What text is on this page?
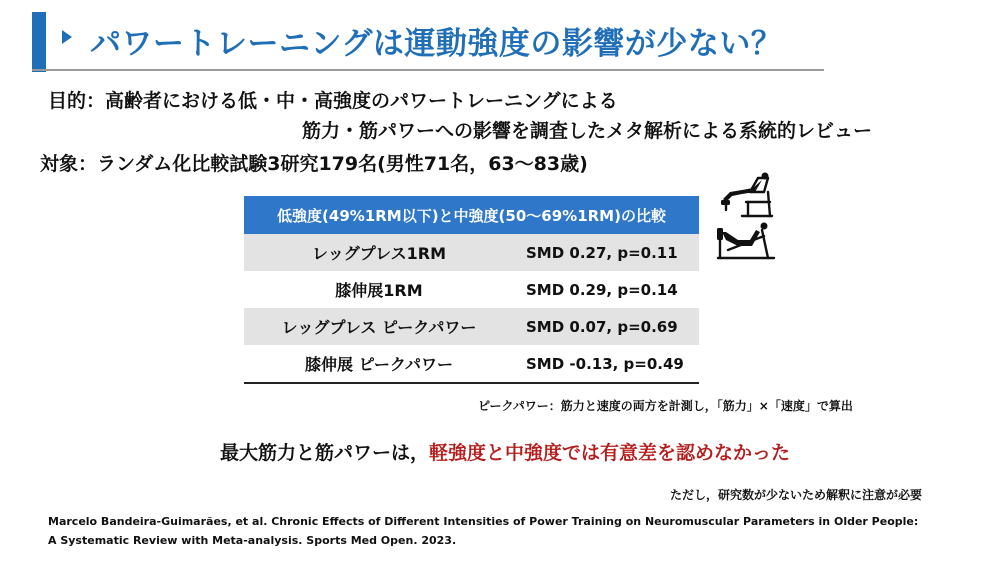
パワートレーニングは運動強度の影響が少ない？
目的：高齢者における低・中・高強度のパワートレーニングによる
筋力・筋パワーへの影響を調査したメタ解析による系統的レビュー
対象：ランダム化比較試験3研究179名(男性71名，63～83歳)
低強度(49%1RM以下)と中強度(50～69%1RM)の比較	
レッグプレス1RM	SMD 0.27, p=0.11
膝伸展1RM	SMD 0.29, p=0.14
レッグプレス ピークパワー	SMD 0.07, p=0.69
膝伸展 ピークパワー	SMD -0.13, p=0.49
ピークパワー：筋力と速度の両方を計測し，「筋力」×「速度」で算出
最大筋力と筋パワーは，軽強度と中強度では有意差を認めなかった
ただし，研究数が少ないため解釈に注意が必要
Marcelo Bandeira-Guimarães, et al. Chronic Effects of Different Intensities of Power Training on Neuromuscular Parameters in Older People:
A Systematic Review with Meta-analysis. Sports Med Open. 2023.
